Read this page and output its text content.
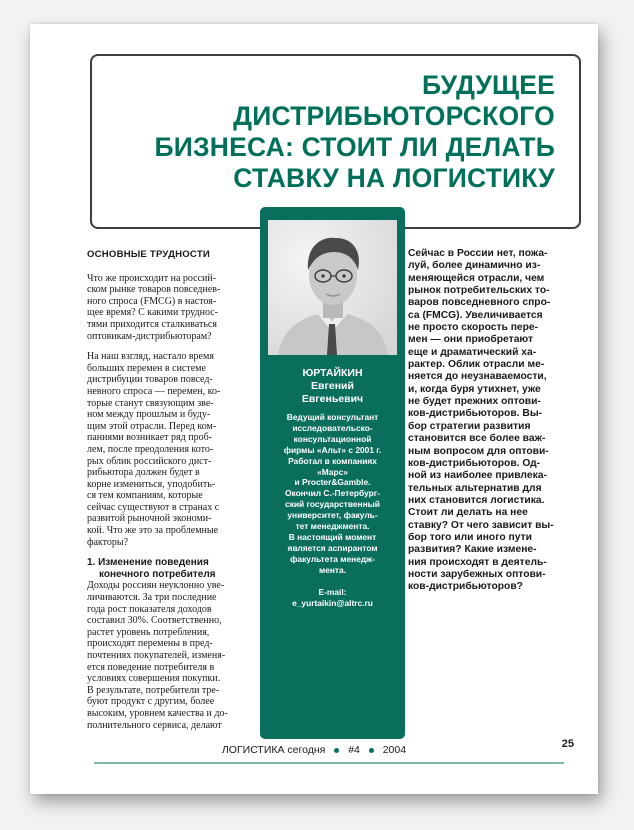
БУДУЩЕЕ
ДИСТРИБЬЮТОРСКОГО
БИЗНЕСА: СТОИТ ЛИ ДЕЛАТЬ
СТАВКУ НА ЛОГИСТИКУ
ОСНОВНЫЕ ТРУДНОСТИ

Что же происходит на россий-
ском рынке товаров повседнев-
ного спроса (FMCG) в настоя-
щее время? С какими труднос-
тями приходится сталкиваться
оптовикам-дистрибьюторам?

На наш взгляд, настало время
больших перемен в системе
дистрибуции товаров повсед-
невного спроса — перемен, ко-
торые станут связующим зве-
ном между прошлым и буду-
щим этой отрасли. Перед ком-
паниями возникает ряд проб-
лем, после преодоления кото-
рых облик российского дист-
рибьютора должен будет в
корне измениться, уподобить-
ся тем компаниям, которые
сейчас существуют в странах с
развитой рыночной экономи-
кой. Что же это за проблемные
факторы?

1. Изменение поведения
конечного потребителя

Доходы россиян неуклонно уве-
личиваются. За три последние
года рост показателя доходов
составил 30%. Соответственно,
растет уровень потребления,
происходят перемены в пред-
почтениях покупателей, изменя-
ется поведение потребителя в
условиях совершения покупки.
В результате, потребители тре-
буют продукт с другим, более
высоким, уровнем качества и до-
полнительного сервиса, делают

ЮРТАЙКИН
Евгений
Евгеньевич

Ведущий консультант
исследовательско-
консультационной
фирмы «Альт» с 2001 г.
Работал в компаниях
«Марс»
и Procter&Gamble.
Окончил С.-Петербург-
ский государственный
университет, факуль-
тет менеджмента.
В настоящий момент
является аспирантом
факультета менедж-
мента.

E-mail:
e_yurtaikin@altrc.ru
Сейчас в России нет, пожа-
луй, более динамично из-
меняющейся отрасли, чем
рынок потребительских то-
варов повседневного спро-
са (FMCG). Увеличивается
не просто скорость пере-
мен — они приобретают
еще и драматический ха-
рактер. Облик отрасли ме-
няется до неузнаваемости,
и, когда буря утихнет, уже
не будет прежних оптови-
ков-дистрибьюторов. Вы-
бор стратегии развития
становится все более важ-
ным вопросом для оптови-
ков-дистрибьюторов. Од-
ной из наиболее привлека-
тельных альтернатив для
них становится логистика.
Стоит ли делать на нее
ставку? От чего зависит вы-
бор того или иного пути
развития? Какие измене-
ния происходят в деятель-
ности зарубежных оптови-
ков-дистрибьюторов?
ЛОГИСТИКА сегодня #4 2004	25
